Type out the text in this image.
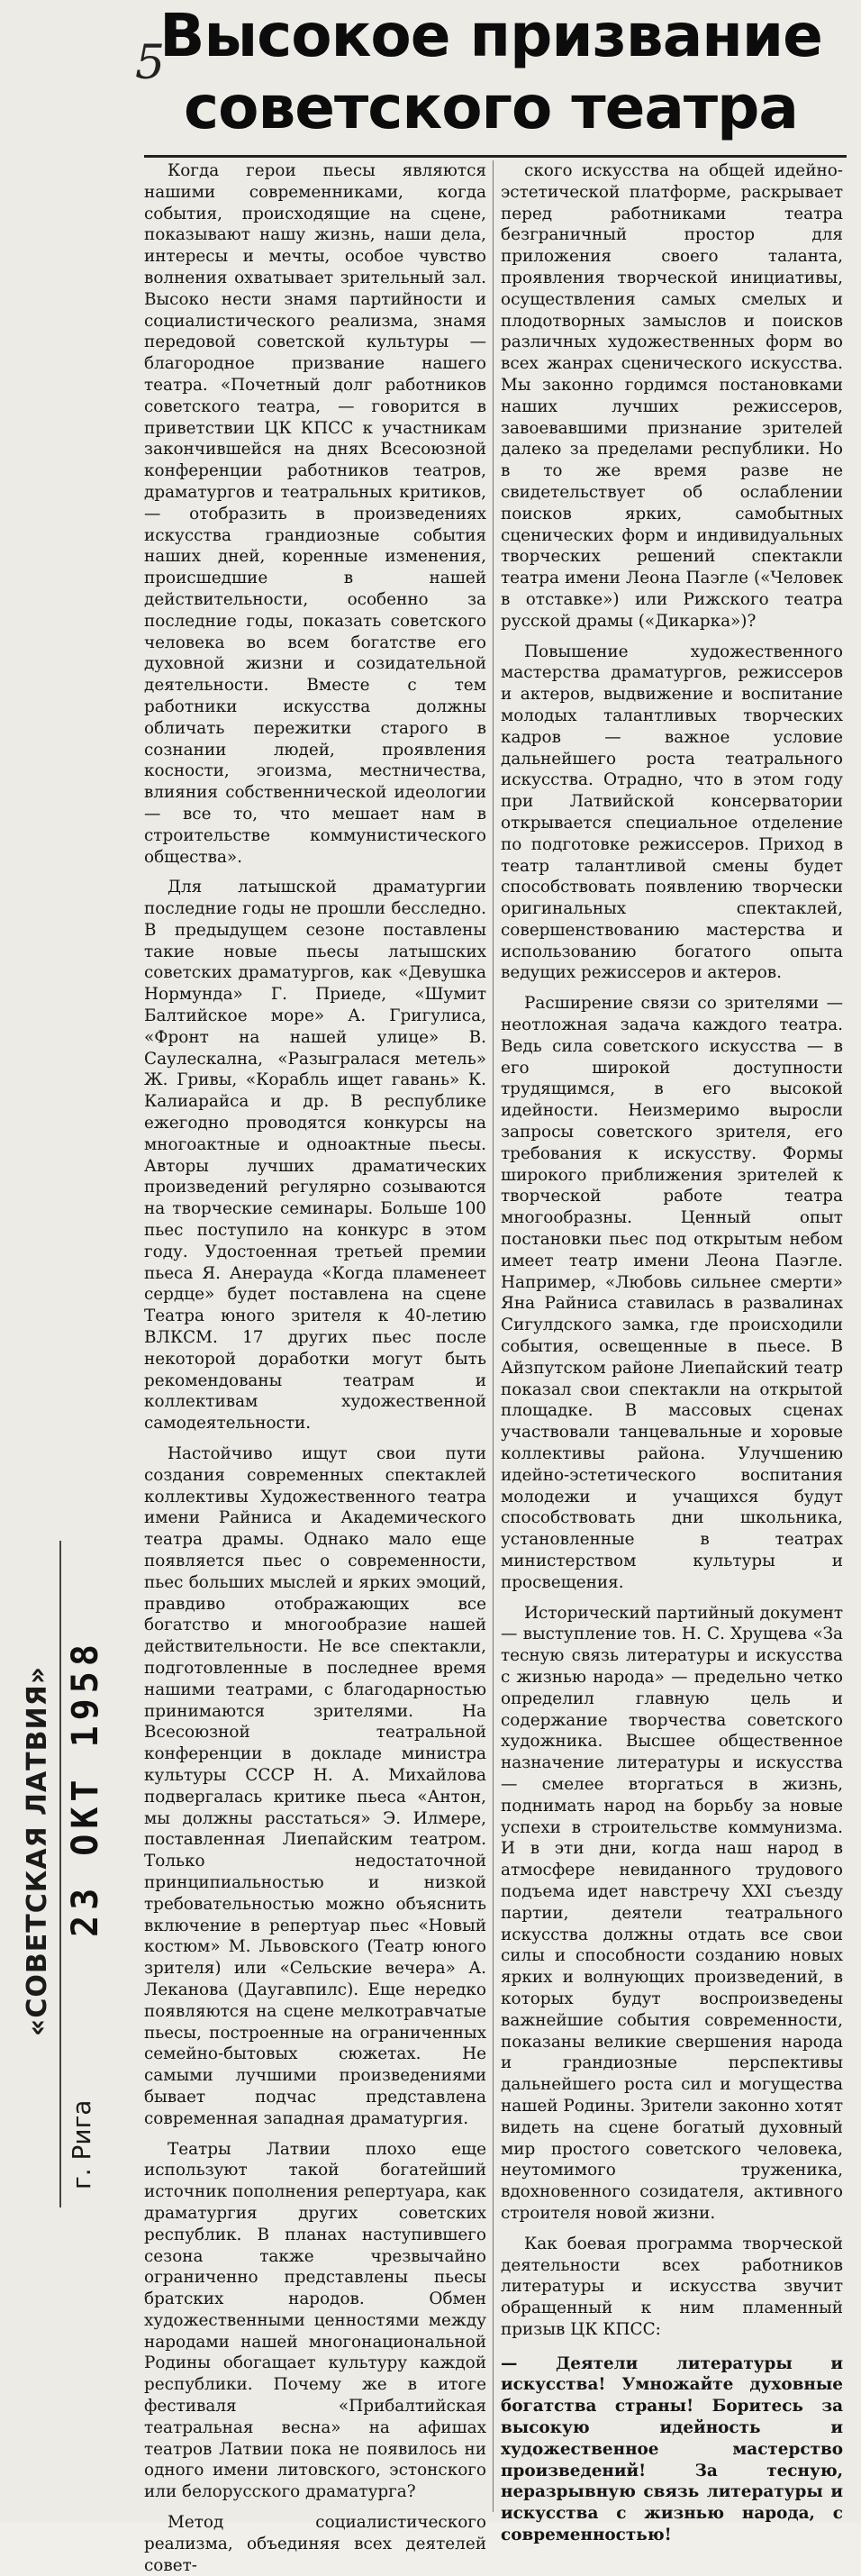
5
Высокое призвание
советского театра

Когда герои пьесы являются нашими современниками, когда события, происходящие на сцене, показывают нашу жизнь, наши дела, интересы и мечты, особое чувство волнения охватывает зрительный зал. Высоко нести знамя партийности и социалистического реализма, знамя передовой советской культуры — благородное призвание нашего театра. «Почетный долг работников советского театра, — говорится в приветствии ЦК КПСС к участникам закончившейся на днях Всесоюзной конференции работников театров, драматургов и театральных критиков, — отобразить в произведениях искусства грандиозные события наших дней, коренные изменения, происшедшие в нашей действительности, особенно за последние годы, показать советского человека во всем богатстве его духовной жизни и созидательной деятельности. Вместе с тем работники искусства должны обличать пережитки старого в сознании людей, проявления косности, эгоизма, местничества, влияния собственнической идеологии — все то, что мешает нам в строительстве коммунистического общества».

Для латышской драматургии последние годы не прошли бесследно. В предыдущем сезоне поставлены такие новые пьесы латышских советских драматургов, как «Девушка Нормунда» Г. Приеде, «Шумит Балтийское море» А. Григулиса, «Фронт на нашей улице» В. Саулескална, «Разыгралася метель» Ж. Гривы, «Корабль ищет гавань» К. Калиарайса и др. В республике ежегодно проводятся конкурсы на многоактные и одноактные пьесы. Авторы лучших драматических произведений регулярно созываются на творческие семинары. Больше 100 пьес поступило на конкурс в этом году. Удостоенная третьей премии пьеса Я. Анерауда «Когда пламенеет сердце» будет поставлена на сцене Театра юного зрителя к 40-летию ВЛКСМ. 17 других пьес после некоторой доработки могут быть рекомендованы театрам и коллективам художественной самодеятельности.

Настойчиво ищут свои пути создания современных спектаклей коллективы Художественного театра имени Райниса и Академического театра драмы. Однако мало еще появляется пьес о современности, пьес больших мыслей и ярких эмоций, правдиво отображающих все богатство и многообразие нашей действительности. Не все спектакли, подготовленные в последнее время нашими театрами, с благодарностью принимаются зрителями. На Всесоюзной театральной конференции в докладе министра культуры СССР Н. А. Михайлова подвергалась критике пьеса «Антон, мы должны расстаться» Э. Илмере, поставленная Лиепайским театром. Только недостаточной принципиальностью и низкой требовательностью можно объяснить включение в репертуар пьес «Новый костюм» М. Львовского (Театр юного зрителя) или «Сельские вечера» А. Леканова (Даугавпилс). Еще нередко появляются на сцене мелкотравчатые пьесы, построенные на ограниченных семейно-бытовых сюжетах. Не самыми лучшими произведениями бывает подчас представлена современная западная драматургия.

Театры Латвии плохо еще используют такой богатейший источник пополнения репертуара, как драматургия других советских республик. В планах наступившего сезона также чрезвычайно ограниченно представлены пьесы братских народов. Обмен художественными ценностями между народами нашей многонациональной Родины обогащает культуру каждой республики. Почему же в итоге фестиваля «Прибалтийская театральная весна» на афишах театров Латвии пока не появилось ни одного имени литовского, эстонского или белорусского драматурга?

Метод социалистического реализма, объединяя всех деятелей совет-

ского искусства на общей идейно-эстетической платформе, раскрывает перед работниками театра безграничный простор для приложения своего таланта, проявления творческой инициативы, осуществления самых смелых и плодотворных замыслов и поисков различных художественных форм во всех жанрах сценического искусства. Мы законно гордимся постановками наших лучших режиссеров, завоевавшими признание зрителей далеко за пределами республики. Но в то же время разве не свидетельствует об ослаблении поисков ярких, самобытных сценических форм и индивидуальных творческих решений спектакли театра имени Леона Паэгле («Человек в отставке») или Рижского театра русской драмы («Дикарка»)?

Повышение художественного мастерства драматургов, режиссеров и актеров, выдвижение и воспитание молодых талантливых творческих кадров — важное условие дальнейшего роста театрального искусства. Отрадно, что в этом году при Латвийской консерватории открывается специальное отделение по подготовке режиссеров. Приход в театр талантливой смены будет способствовать появлению творчески оригинальных спектаклей, совершенствованию мастерства и использованию богатого опыта ведущих режиссеров и актеров.

Расширение связи со зрителями — неотложная задача каждого театра. Ведь сила советского искусства — в его широкой доступности трудящимся, в его высокой идейности. Неизмеримо выросли запросы советского зрителя, его требования к искусству. Формы широкого приближения зрителей к творческой работе театра многообразны. Ценный опыт постановки пьес под открытым небом имеет театр имени Леона Паэгле. Например, «Любовь сильнее смерти» Яна Райниса ставилась в развалинах Сигулдского замка, где происходили события, освещенные в пьесе. В Айзпутском районе Лиепайский театр показал свои спектакли на открытой площадке. В массовых сценах участвовали танцевальные и хоровые коллективы района. Улучшению идейно-эстетического воспитания молодежи и учащихся будут способствовать дни школьника, установленные в театрах министерством культуры и просвещения.

Исторический партийный документ — выступление тов. Н. С. Хрущева «За тесную связь литературы и искусства с жизнью народа» — предельно четко определил главную цель и содержание творчества советского художника. Высшее общественное назначение литературы и искусства — смелее вторгаться в жизнь, поднимать народ на борьбу за новые успехи в строительстве коммунизма. И в эти дни, когда наш народ в атмосфере невиданного трудового подъема идет навстречу XXI съезду партии, деятели театрального искусства должны отдать все свои силы и способности созданию новых ярких и волнующих произведений, в которых будут воспроизведены важнейшие события современности, показаны великие свершения народа и грандиозные перспективы дальнейшего роста сил и могущества нашей Родины. Зрители законно хотят видеть на сцене богатый духовный мир простого советского человека, неутомимого труженика, вдохновенного созидателя, активного строителя новой жизни.

Как боевая программа творческой деятельности всех работников литературы и искусства звучит обращенный к ним пламенный призыв ЦК КПСС:

— Деятели литературы и искусства! Умножайте духовные богатства страны! Боритесь за высокую идейность и художественное мастерство произведений! За тесную, неразрывную связь литературы и искусства с жизнью народа, с современностью!

«СОВЕТСКАЯ ЛАТВИЯ»
г. Рига
23 ОКТ 1958
